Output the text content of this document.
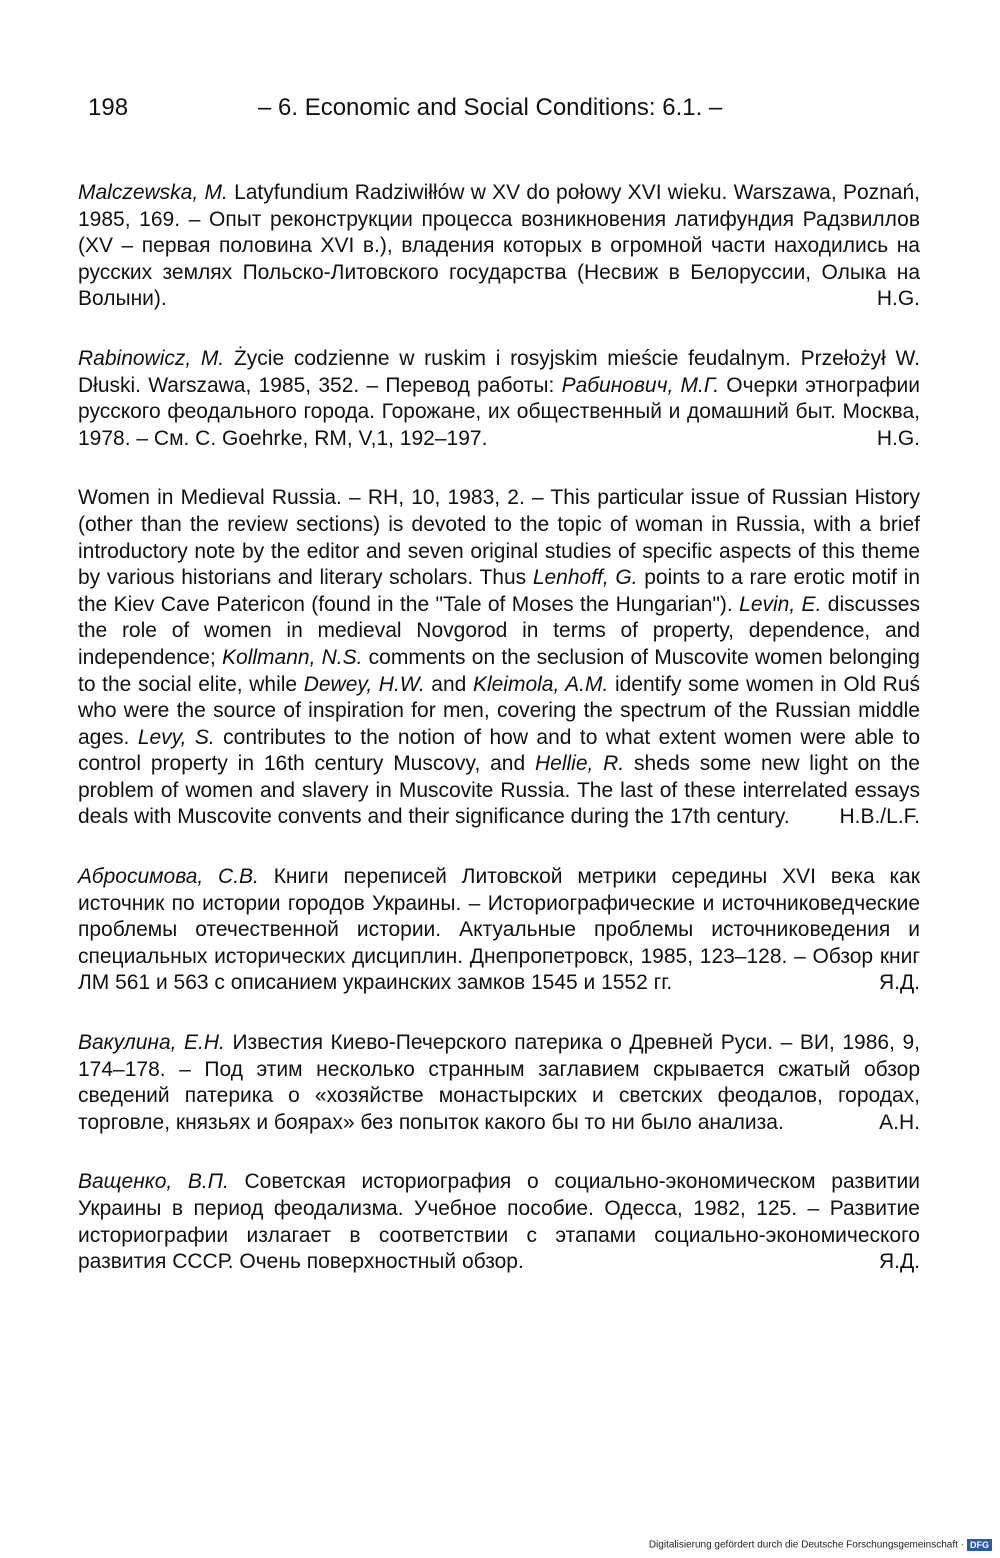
198	– 6. Economic and Social Conditions: 6.1. –

Malczewska, M. Latyfundium Radziwiłłów w XV do połowy XVI wieku. Warszawa, Poznań, 1985, 169. – Опыт реконструкции процесса возникновения латифундия Радзвиллов (XV – первая половина XVI в.), владения которых в огромной части находились на русских землях Польско-Литовского государства (Несвиж в Белоруссии, Олыка на Волыни).	H.G.

Rabinowicz, M. Życie codzienne w ruskim i rosyjskim mieście feudalnym. Przełożył W. Dłuski. Warszawa, 1985, 352. – Перевод работы: Рабинович, М.Г. Очерки этнографии русского феодального города. Горожане, их общественный и домашний быт. Москва, 1978. – См. C. Goehrke, RM, V,1, 192–197.	H.G.

Women in Medieval Russia. – RH, 10, 1983, 2. – This particular issue of Russian History (other than the review sections) is devoted to the topic of woman in Russia, with a brief introductory note by the editor and seven original studies of specific aspects of this theme by various historians and literary scholars. Thus Lenhoff, G. points to a rare erotic motif in the Kiev Cave Patericon (found in the "Tale of Moses the Hungarian"). Levin, E. discusses the role of women in medieval Novgorod in terms of property, dependence, and independence; Kollmann, N.S. comments on the seclusion of Muscovite women belonging to the social elite, while Dewey, H.W. and Kleimola, A.M. identify some women in Old Ruś who were the source of inspiration for men, covering the spectrum of the Russian middle ages. Levy, S. contributes to the notion of how and to what extent women were able to control property in 16th century Muscovy, and Hellie, R. sheds some new light on the problem of women and slavery in Muscovite Russia. The last of these interrelated essays deals with Muscovite convents and their significance during the 17th century. H.B./L.F.

Абросимова, С.В. Книги переписей Литовской метрики середины XVI века как источник по истории городов Украины. – Историографические и источниковедческие проблемы отечественной истории. Актуальные проблемы источниковедения и специальных исторических дисциплин. Днепропетровск, 1985, 123–128. – Обзор книг ЛМ 561 и 563 с описанием украинских замков 1545 и 1552 гг.	Я.Д.

Вакулина, Е.Н. Известия Киево-Печерского патерика о Древней Руси. – ВИ, 1986, 9, 174–178. – Под этим несколько странным заглавием скрывается сжатый обзор сведений патерика о «хозяйстве монастырских и светских феодалов, городах, торговле, князьях и боярах» без попыток какого бы то ни было анализа.	А.Н.

Ващенко, В.П. Советская историография о социально-экономическом развитии Украины в период феодализма. Учебное пособие. Одесса, 1982, 125. – Развитие историографии излагает в соответствии с этапами социально-экономического развития СССР. Очень поверхностный обзор.	Я.Д.

Digitalisierung gefördert durch die Deutsche Forschungsgemeinschaft · DFG
